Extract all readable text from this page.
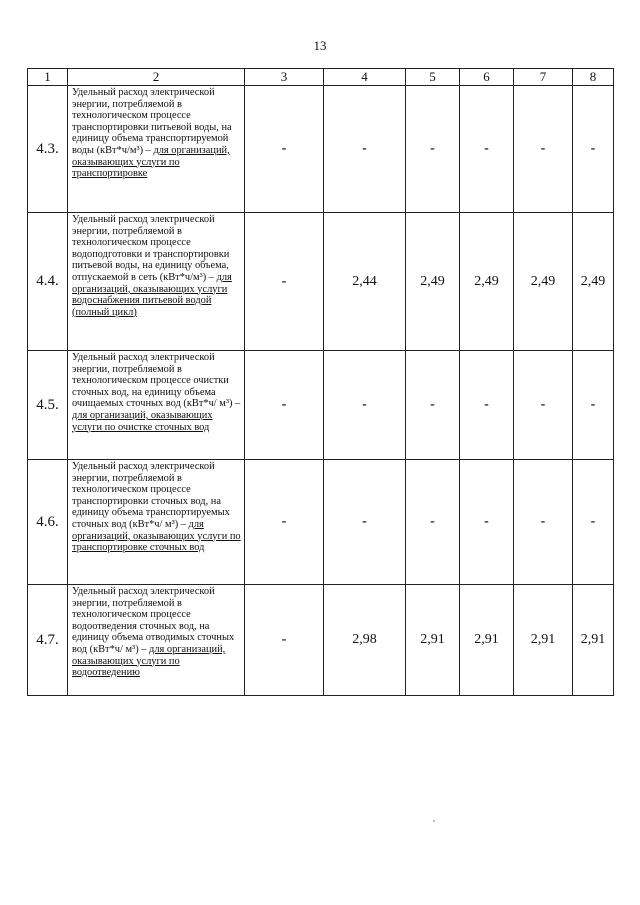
13
1	2	3	4	5	6	7	8
4.3.	Удельный расход электрической энергии, потребляемой в технологическом процессе транспортировки питьевой воды, на единицу объема транспортируемой воды (кВт*ч/м³) – для организаций, оказывающих услуги по транспортировке	-	-	-	-	-	-
4.4.	Удельный расход электрической энергии, потребляемой в технологическом процессе водоподготовки и транспортировки питьевой воды, на единицу объема, отпускаемой в сеть (кВт*ч/м³) – для организаций, оказывающих услуги водоснабжения питьевой водой (полный цикл)	-	2,44	2,49	2,49	2,49	2,49
4.5.	Удельный расход электрической энергии, потребляемой в технологическом процессе очистки сточных вод, на единицу объема очищаемых сточных вод (кВт*ч/ м³) – для организаций, оказывающих услуги по очистке сточных вод	-	-	-	-	-	-
4.6.	Удельный расход электрической энергии, потребляемой в технологическом процессе транспортировки сточных вод, на единицу объема транспортируемых сточных вод (кВт*ч/ м³) – для организаций, оказывающих услуги по транспортировке сточных вод	-	-	-	-	-	-
4.7.	Удельный расход электрической энергии, потребляемой в технологическом процессе водоотведения сточных вод, на единицу объема отводимых сточных вод (кВт*ч/ м³) – для организаций, оказывающих услуги по водоотведению	-	2,98	2,91	2,91	2,91	2,91
